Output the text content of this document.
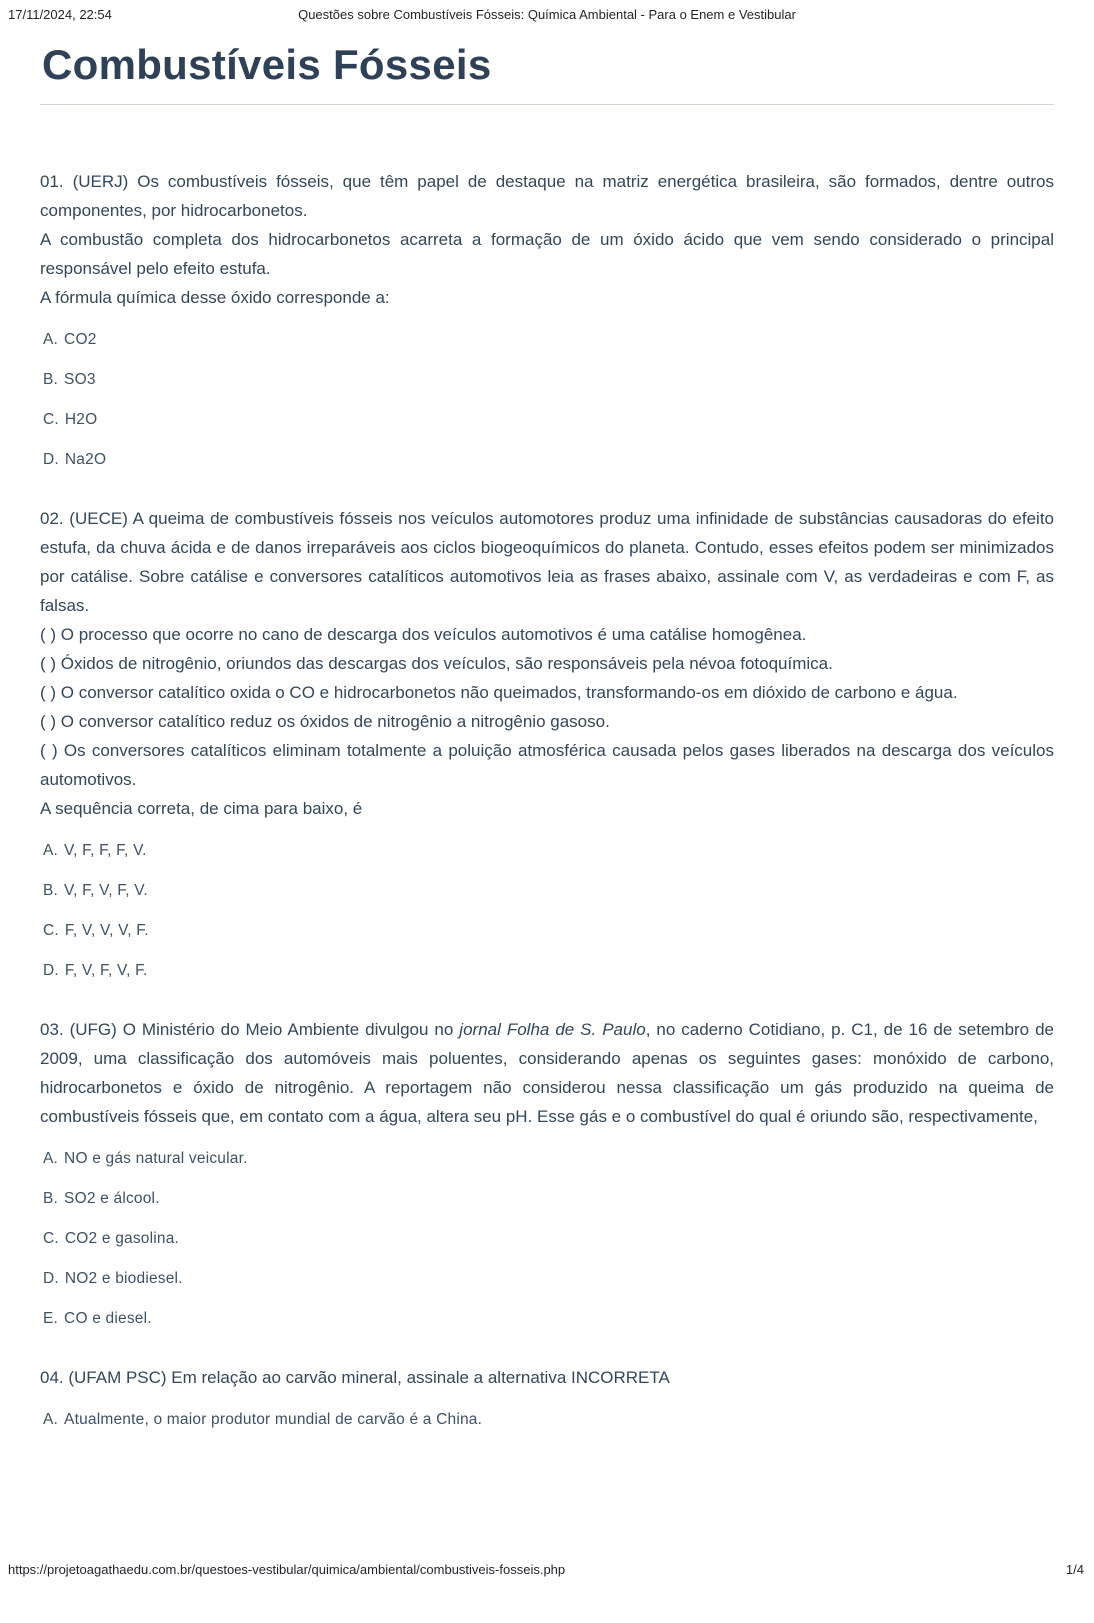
17/11/2024, 22:54	Questões sobre Combustíveis Fósseis: Química Ambiental - Para o Enem e Vestibular
Combustíveis Fósseis

01. (UERJ) Os combustíveis fósseis, que têm papel de destaque na matriz energética brasileira, são formados, dentre outros componentes, por hidrocarbonetos.

A combustão completa dos hidrocarbonetos acarreta a formação de um óxido ácido que vem sendo considerado o principal responsável pelo efeito estufa.

A fórmula química desse óxido corresponde a:

A. CO2
B. SO3
C. H2O
D. Na2O

02. (UECE) A queima de combustíveis fósseis nos veículos automotores produz uma infinidade de substâncias causadoras do efeito estufa, da chuva ácida e de danos irreparáveis aos ciclos biogeoquímicos do planeta. Contudo, esses efeitos podem ser minimizados por catálise. Sobre catálise e conversores catalíticos automotivos leia as frases abaixo, assinale com V, as verdadeiras e com F, as falsas.

( ) O processo que ocorre no cano de descarga dos veículos automotivos é uma catálise homogênea.

( ) Óxidos de nitrogênio, oriundos das descargas dos veículos, são responsáveis pela névoa fotoquímica.

( ) O conversor catalítico oxida o CO e hidrocarbonetos não queimados, transformando-os em dióxido de carbono e água.

( ) O conversor catalítico reduz os óxidos de nitrogênio a nitrogênio gasoso.

( ) Os conversores catalíticos eliminam totalmente a poluição atmosférica causada pelos gases liberados na descarga dos veículos automotivos.

A sequência correta, de cima para baixo, é

A. V, F, F, F, V.
B. V, F, V, F, V.
C. F, V, V, V, F.
D. F, V, F, V, F.

03. (UFG) O Ministério do Meio Ambiente divulgou no jornal Folha de S. Paulo, no caderno Cotidiano, p. C1, de 16 de setembro de 2009, uma classificação dos automóveis mais poluentes, considerando apenas os seguintes gases: monóxido de carbono, hidrocarbonetos e óxido de nitrogênio. A reportagem não considerou nessa classificação um gás produzido na queima de combustíveis fósseis que, em contato com a água, altera seu pH. Esse gás e o combustível do qual é oriundo são, respectivamente,

A. NO e gás natural veicular.
B. SO2 e álcool.
C. CO2 e gasolina.
D. NO2 e biodiesel.
E. CO e diesel.

04. (UFAM PSC) Em relação ao carvão mineral, assinale a alternativa INCORRETA

A. Atualmente, o maior produtor mundial de carvão é a China.
https://projetoagathaedu.com.br/questoes-vestibular/quimica/ambiental/combustiveis-fosseis.php	1/4
